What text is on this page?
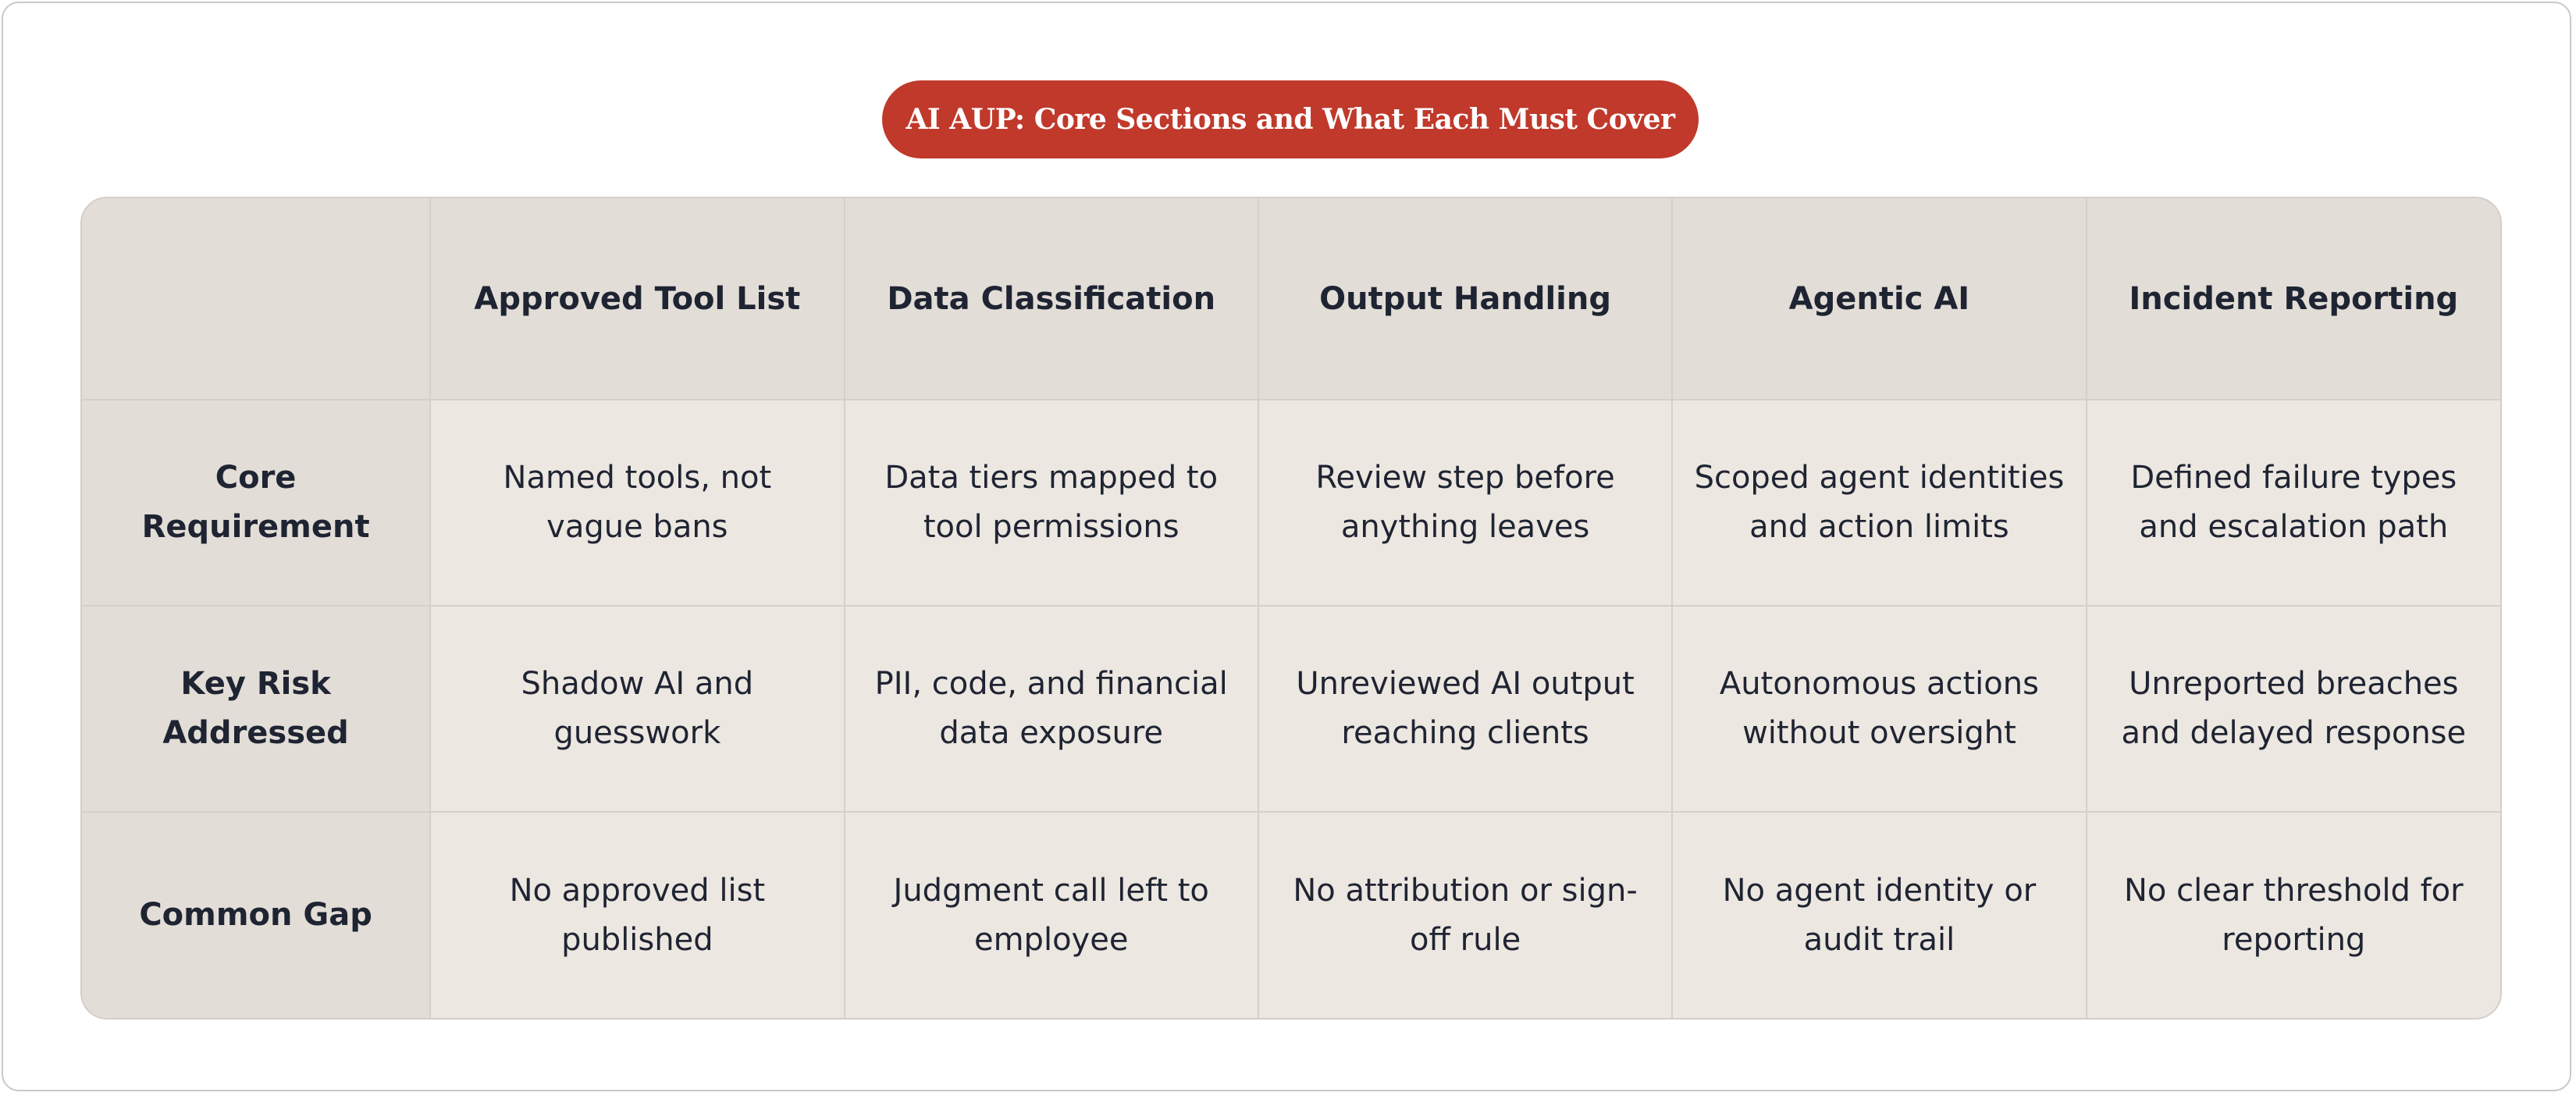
AI AUP: Core Sections and What Each Must Cover
	Approved Tool List	Data Classification	Output Handling	Agentic AI	Incident Reporting
Core Requirement	Named tools, not vague bans	Data tiers mapped to tool permissions	Review step before anything leaves	Scoped agent identities and action limits	Defined failure types and escalation path
Key Risk Addressed	Shadow AI and guesswork	PII, code, and financial data exposure	Unreviewed AI output reaching clients	Autonomous actions without oversight	Unreported breaches and delayed response
Common Gap	No approved list published	Judgment call left to employee	No attribution or sign-off rule	No agent identity or audit trail	No clear threshold for reporting
